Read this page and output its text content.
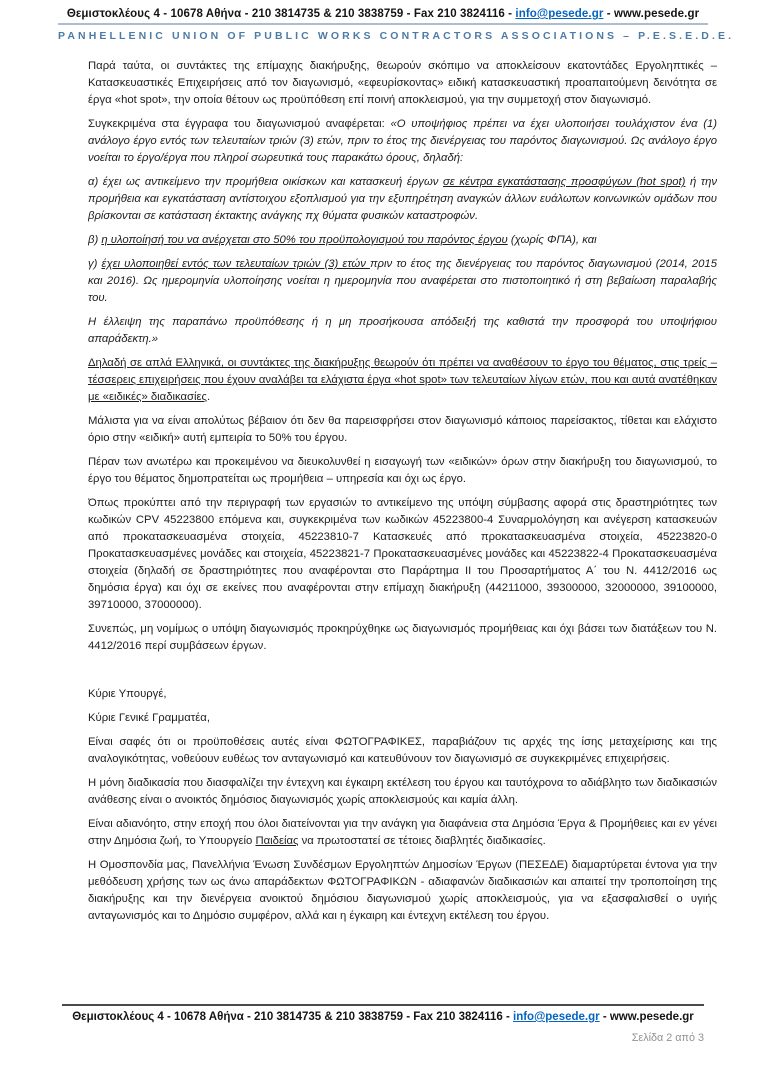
Θεμιστοκλέους 4 - 10678 Αθήνα - 210 3814735 & 210 3838759 - Fax 210 3824116 - info@pesede.gr - www.pesede.gr
PANHELLENIC UNION OF PUBLIC WORKS CONTRACTORS ASSOCIATIONS – P.E.S.E.D.E.

Παρά ταύτα, οι συντάκτες της επίμαχης διακήρυξης, θεωρούν σκόπιμο να αποκλείσουν εκατοντάδες Εργοληπτικές – Κατασκευαστικές Επιχειρήσεις από τον διαγωνισμό, «εφευρίσκοντας» ειδική κατασκευαστική προαπαιτούμενη δεινότητα σε έργα «hot spot», την οποία θέτουν ως προϋπόθεση επί ποινή αποκλεισμού, για την συμμετοχή στον διαγωνισμό.

Συγκεκριμένα στα έγγραφα του διαγωνισμού αναφέρεται: «Ο υποψήφιος πρέπει να έχει υλοποιήσει τουλάχιστον ένα (1) ανάλογο έργο εντός των τελευταίων τριών (3) ετών, πριν το έτος της διενέργειας του παρόντος διαγωνισμού. Ως ανάλογο έργο νοείται το έργο/έργα που πληροί σωρευτικά τους παρακάτω όρους, δηλαδή:

α) έχει ως αντικείμενο την προμήθεια οικίσκων και κατασκευή έργων σε κέντρα εγκατάστασης προσφύγων (hot spot) ή την προμήθεια και εγκατάσταση αντίστοιχου εξοπλισμού για την εξυπηρέτηση αναγκών άλλων ευάλωτων κοινωνικών ομάδων που βρίσκονται σε κατάσταση έκτακτης ανάγκης πχ θύματα φυσικών καταστροφών.

β) η υλοποίησή του να ανέρχεται στο 50% του προϋπολογισμού του παρόντος έργου (χωρίς ΦΠΑ), και

γ) έχει υλοποιηθεί εντός των τελευταίων τριών (3) ετών πριν το έτος της διενέργειας του παρόντος διαγωνισμού (2014, 2015 και 2016). Ως ημερομηνία υλοποίησης νοείται η ημερομηνία που αναφέρεται στο πιστοποιητικό ή στη βεβαίωση παραλαβής του.

Η έλλειψη της παραπάνω προϋπόθεσης ή η μη προσήκουσα απόδειξή της καθιστά την προσφορά του υποψήφιου απαράδεκτη.»

Δηλαδή σε απλά Ελληνικά, οι συντάκτες της διακήρυξης θεωρούν ότι πρέπει να αναθέσουν το έργο του θέματος, στις τρείς – τέσσερεις επιχειρήσεις που έχουν αναλάβει τα ελάχιστα έργα «hot spot» των τελευταίων λίγων ετών, που και αυτά ανατέθηκαν με «ειδικές» διαδικασίες.

Μάλιστα για να είναι απολύτως βέβαιον ότι δεν θα παρεισφρήσει στον διαγωνισμό κάποιος παρείσακτος, τίθεται και ελάχιστο όριο στην «ειδική» αυτή εμπειρία το 50% του έργου.

Πέραν των ανωτέρω και προκειμένου να διευκολυνθεί η εισαγωγή των «ειδικών» όρων στην διακήρυξη του διαγωνισμού, το έργο του θέματος δημοπρατείται ως προμήθεια – υπηρεσία και όχι ως έργο.

Όπως προκύπτει από την περιγραφή των εργασιών το αντικείμενο της υπόψη σύμβασης αφορά στις δραστηριότητες των κωδικών CPV 45223800 επόμενα και, συγκεκριμένα των κωδικών 45223800-4 Συναρμολόγηση και ανέγερση κατασκευών από προκατασκευασμένα στοιχεία, 45223810-7 Κατασκευές από προκατασκευασμένα στοιχεία, 45223820-0 Προκατασκευασμένες μονάδες και στοιχεία, 45223821-7 Προκατασκευασμένες μονάδες και 45223822-4 Προκατασκευασμένα στοιχεία (δηλαδή σε δραστηριότητες που αναφέρονται στο Παράρτημα ΙΙ του Προσαρτήματος Α΄ του Ν. 4412/2016 ως δημόσια έργα) και όχι σε εκείνες που αναφέρονται στην επίμαχη διακήρυξη (44211000, 39300000, 32000000, 39100000, 39710000, 37000000).

Συνεπώς, μη νομίμως ο υπόψη διαγωνισμός προκηρύχθηκε ως διαγωνισμός προμήθειας και όχι βάσει των διατάξεων του Ν. 4412/2016 περί συμβάσεων έργων.

Κύριε Υπουργέ,

Κύριε Γενικέ Γραμματέα,

Είναι σαφές ότι οι προϋποθέσεις αυτές είναι ΦΩΤΟΓΡΑΦΙΚΕΣ, παραβιάζουν τις αρχές της ίσης μεταχείρισης και της αναλογικότητας, νοθεύουν ευθέως τον ανταγωνισμό και κατευθύνουν τον διαγωνισμό σε συγκεκριμένες επιχειρήσεις.

Η μόνη διαδικασία που διασφαλίζει την έντεχνη και έγκαιρη εκτέλεση του έργου και ταυτόχρονα το αδιάβλητο των διαδικασιών ανάθεσης είναι ο ανοικτός δημόσιος διαγωνισμός χωρίς αποκλεισμούς και καμία άλλη.

Είναι αδιανόητο, στην εποχή που όλοι διατείνονται για την ανάγκη για διαφάνεια στα Δημόσια Έργα & Προμήθειες και εν γένει στην Δημόσια ζωή, το Υπουργείο Παιδείας να πρωτοστατεί σε τέτοιες διαβλητές διαδικασίες.

Η Ομοσπονδία μας, Πανελλήνια Ένωση Συνδέσμων Εργοληπτών Δημοσίων Έργων (ΠΕΣΕΔΕ) διαμαρτύρεται έντονα για την μεθόδευση χρήσης των ως άνω απαράδεκτων ΦΩΤΟΓΡΑΦΙΚΩΝ - αδιαφανών διαδικασιών και απαιτεί την τροποποίηση της διακήρυξης και την διενέργεια ανοικτού δημόσιου διαγωνισμού χωρίς αποκλεισμούς, για να εξασφαλισθεί ο υγιής ανταγωνισμός και το Δημόσιο συμφέρον, αλλά και η έγκαιρη και έντεχνη εκτέλεση του έργου.

Θεμιστοκλέους 4 - 10678 Αθήνα - 210 3814735 & 210 3838759 - Fax 210 3824116 - info@pesede.gr - www.pesede.gr
Σελίδα 2 από 3
